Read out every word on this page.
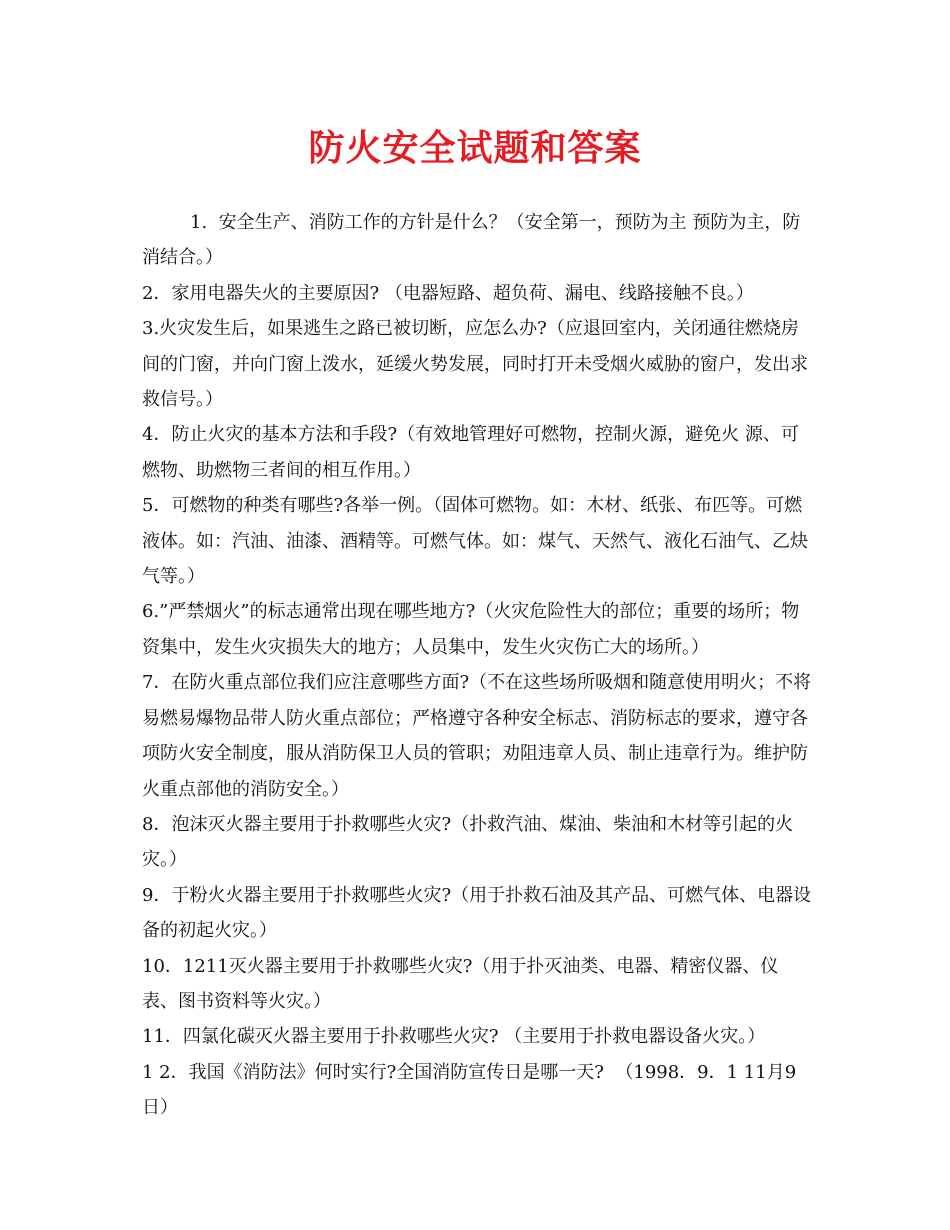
防火安全试题和答案

1.  安全生产、消防工作的方针是什么？（安全第一，预防为主 预防为主，防消结合。）

2．家用电器失火的主要原因? （电器短路、超负荷、漏电、线路接触不良。）

3.火灾发生后，如果逃生之路已被切断，应怎么办?（应退回室内，关闭通往燃烧房间的门窗，并向门窗上泼水，延缓火势发展，同时打开未受烟火威胁的窗户，发出求救信号。）

4．防止火灾的基本方法和手段?（有效地管理好可燃物，控制火源，避免火 源、可燃物、助燃物三者间的相互作用。）

5．可燃物的种类有哪些?各举一例。（固体可燃物。如：木材、纸张、布匹等。可燃液体。如：汽油、油漆、酒精等。可燃气体。如：煤气、天然气、液化石油气、乙炔气等。）

6.”严禁烟火”的标志通常出现在哪些地方?（火灾危险性大的部位；重要的场所；物资集中，发生火灾损失大的地方；人员集中，发生火灾伤亡大的场所。）

7．在防火重点部位我们应注意哪些方面?（不在这些场所吸烟和随意使用明火；不将易燃易爆物品带人防火重点部位；严格遵守各种安全标志、消防标志的要求，遵守各项防火安全制度，服从消防保卫人员的管职；劝阻违章人员、制止违章行为。维护防火重点部他的消防安全。）

8．泡沫灭火器主要用于扑救哪些火灾?（扑救汽油、煤油、柴油和木材等引起的火灾。）

9．于粉火火器主要用于扑救哪些火灾?（用于扑救石油及其产品、可燃气体、电器设备的初起火灾。）

10．1211灭火器主要用于扑救哪些火灾?（用于扑灭油类、电器、精密仪器、仪表、图书资料等火灾。）

11．四氯化碳灭火器主要用于扑救哪些火灾? （主要用于扑救电器设备火灾。）

1 2．我国《消防法》何时实行?全国消防宣传日是哪一天?  （1998．9．1 11月9日）
